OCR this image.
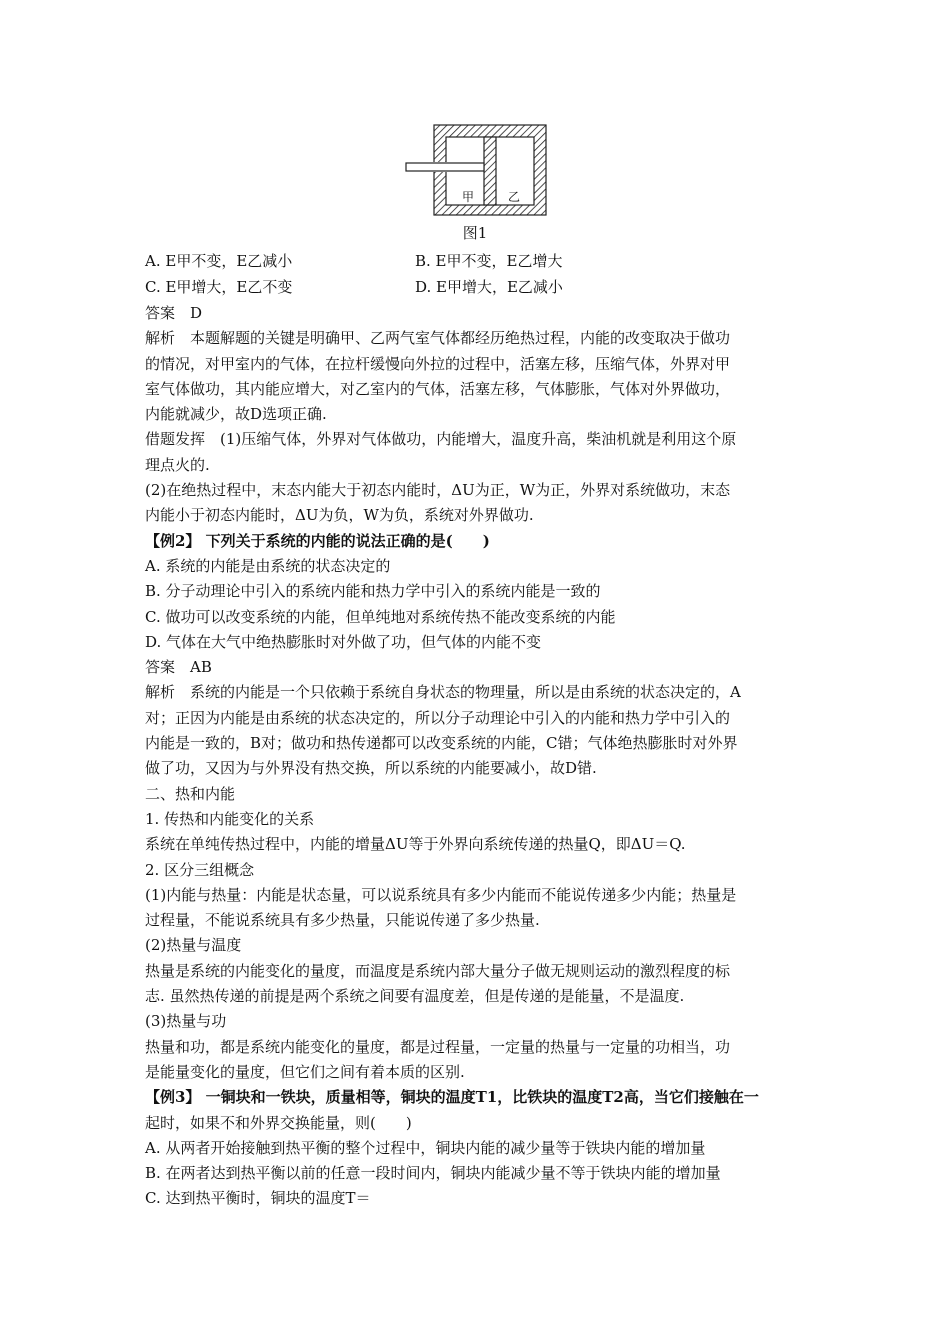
甲	乙
图1
A. E甲不变，E乙减小	B. E甲不变，E乙增大
C. E甲增大，E乙不变	D. E甲增大，E乙减小
答案　D
解析　本题解题的关键是明确甲、乙两气室气体都经历绝热过程，内能的改变取决于做功
的情况，对甲室内的气体，在拉杆缓慢向外拉的过程中，活塞左移，压缩气体，外界对甲
室气体做功，其内能应增大，对乙室内的气体，活塞左移，气体膨胀，气体对外界做功，
内能就减少，故D选项正确.
借题发挥　(1)压缩气体，外界对气体做功，内能增大，温度升高，柴油机就是利用这个原
理点火的.
(2)在绝热过程中，末态内能大于初态内能时，ΔU为正，W为正，外界对系统做功，末态
内能小于初态内能时，ΔU为负，W为负，系统对外界做功.
【例2】 下列关于系统的内能的说法正确的是(　　)
A. 系统的内能是由系统的状态决定的
B. 分子动理论中引入的系统内能和热力学中引入的系统内能是一致的
C. 做功可以改变系统的内能，但单纯地对系统传热不能改变系统的内能
D. 气体在大气中绝热膨胀时对外做了功，但气体的内能不变
答案　AB
解析　系统的内能是一个只依赖于系统自身状态的物理量，所以是由系统的状态决定的，A
对；正因为内能是由系统的状态决定的，所以分子动理论中引入的内能和热力学中引入的
内能是一致的，B对；做功和热传递都可以改变系统的内能，C错；气体绝热膨胀时对外界
做了功，又因为与外界没有热交换，所以系统的内能要减小，故D错.
二、热和内能
1. 传热和内能变化的关系
系统在单纯传热过程中，内能的增量ΔU等于外界向系统传递的热量Q，即ΔU＝Q.
2. 区分三组概念
(1)内能与热量：内能是状态量，可以说系统具有多少内能而不能说传递多少内能；热量是
过程量，不能说系统具有多少热量，只能说传递了多少热量.
(2)热量与温度
热量是系统的内能变化的量度，而温度是系统内部大量分子做无规则运动的激烈程度的标
志. 虽然热传递的前提是两个系统之间要有温度差，但是传递的是能量，不是温度.
(3)热量与功
热量和功，都是系统内能变化的量度，都是过程量，一定量的热量与一定量的功相当，功
是能量变化的量度，但它们之间有着本质的区别.
【例3】 一铜块和一铁块，质量相等，铜块的温度T1，比铁块的温度T2高，当它们接触在一
起时，如果不和外界交换能量，则(　　)
A. 从两者开始接触到热平衡的整个过程中，铜块内能的减少量等于铁块内能的增加量
B. 在两者达到热平衡以前的任意一段时间内，铜块内能减少量不等于铁块内能的增加量
C. 达到热平衡时，铜块的温度T＝
